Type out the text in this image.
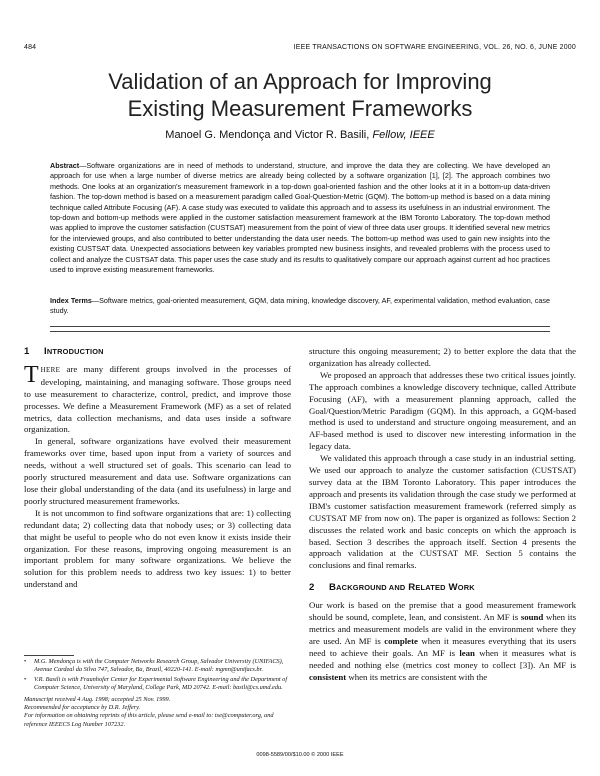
484	IEEE TRANSACTIONS ON SOFTWARE ENGINEERING, VOL. 26, NO. 6, JUNE 2000
Validation of an Approach for Improving
Existing Measurement Frameworks
Manoel G. Mendonça and Victor R. Basili, Fellow, IEEE
Abstract—Software organizations are in need of methods to understand, structure, and improve the data they are collecting. We have developed an approach for use when a large number of diverse metrics are already being collected by a software organization [1], [2]. The approach combines two methods. One looks at an organization's measurement framework in a top-down goal-oriented fashion and the other looks at it in a bottom-up data-driven fashion. The top-down method is based on a measurement paradigm called Goal-Question-Metric (GQM). The bottom-up method is based on a data mining technique called Attribute Focusing (AF). A case study was executed to validate this approach and to assess its usefulness in an industrial environment. The top-down and bottom-up methods were applied in the customer satisfaction measurement framework at the IBM Toronto Laboratory. The top-down method was applied to improve the customer satisfaction (CUSTSAT) measurement from the point of view of three data user groups. It identified several new metrics for the interviewed groups, and also contributed to better understanding the data user needs. The bottom-up method was used to gain new insights into the existing CUSTSAT data. Unexpected associations between key variables prompted new business insights, and revealed problems with the process used to collect and analyze the CUSTSAT data. This paper uses the case study and its results to qualitatively compare our approach against current ad hoc practices used to improve existing measurement frameworks.
Index Terms—Software metrics, goal-oriented measurement, GQM, data mining, knowledge discovery, AF, experimental validation, method evaluation, case study.
1 INTRODUCTION

THERE are many different groups involved in the processes of developing, maintaining, and managing software. Those groups need to use measurement to characterize, control, predict, and improve those processes. We define a Measurement Framework (MF) as a set of related metrics, data collection mechanisms, and data uses inside a software organization.

In general, software organizations have evolved their measurement frameworks over time, based upon input from a variety of sources and needs, without a well structured set of goals. This scenario can lead to poorly structured measurement and data use. Software organizations can lose their global understanding of the data (and its usefulness) in large and poorly structured measurement frameworks.

It is not uncommon to find software organizations that are: 1) collecting redundant data; 2) collecting data that nobody uses; or 3) collecting data that might be useful to people who do not even know it exists inside their organization. For these reasons, improving ongoing measurement is an important problem for many software organizations. We believe the solution for this problem needs to address two key issues: 1) to better understand and

• M.G. Mendonça is with the Computer Networks Research Group, Salvador University (UNIFACS), Avenue Cardeal da Silva 747, Salvador, Ba, Brazil, 40220-141. E-mail: mgmn@unifacs.br.
• V.R. Basili is with Fraunhofer Center for Experimental Software Engineering and the Department of Computer Science, University of Maryland, College Park, MD 20742. E-mail: basili@cs.umd.edu.

Manuscript received 4 Aug. 1998; accepted 25 Nov. 1999.

Recommended for acceptance by D.R. Jeffery.

For information on obtaining reprints of this article, please send e-mail to: tse@computer.org, and reference IEEECS Log Number 107232.

structure this ongoing measurement; 2) to better explore the data that the organization has already collected.

We proposed an approach that addresses these two critical issues jointly. The approach combines a knowledge discovery technique, called Attribute Focusing (AF), with a measurement planning approach, called the Goal/Question/Metric Paradigm (GQM). In this approach, a GQM-based method is used to understand and structure ongoing measurement, and an AF-based method is used to discover new interesting information in the legacy data.

We validated this approach through a case study in an industrial setting. We used our approach to analyze the customer satisfaction (CUSTSAT) survey data at the IBM Toronto Laboratory. This paper introduces the approach and presents its validation through the case study we performed at IBM's customer satisfaction measurement framework (referred simply as CUSTSAT MF from now on). The paper is organized as follows: Section 2 discusses the related work and basic concepts on which the approach is based. Section 3 describes the approach itself. Section 4 presents the approach validation at the CUSTSAT MF. Section 5 contains the conclusions and final remarks.

2 BACKGROUND AND RELATED WORK

Our work is based on the premise that a good measurement framework should be sound, complete, lean, and consistent. An MF is sound when its metrics and measurement models are valid in the environment where they are used. An MF is complete when it measures everything that its users need to achieve their goals. An MF is lean when it measures what is needed and nothing else (metrics cost money to collect [3]). An MF is consistent when its metrics are consistent with the

0098-5589/00/$10.00 © 2000 IEEE
